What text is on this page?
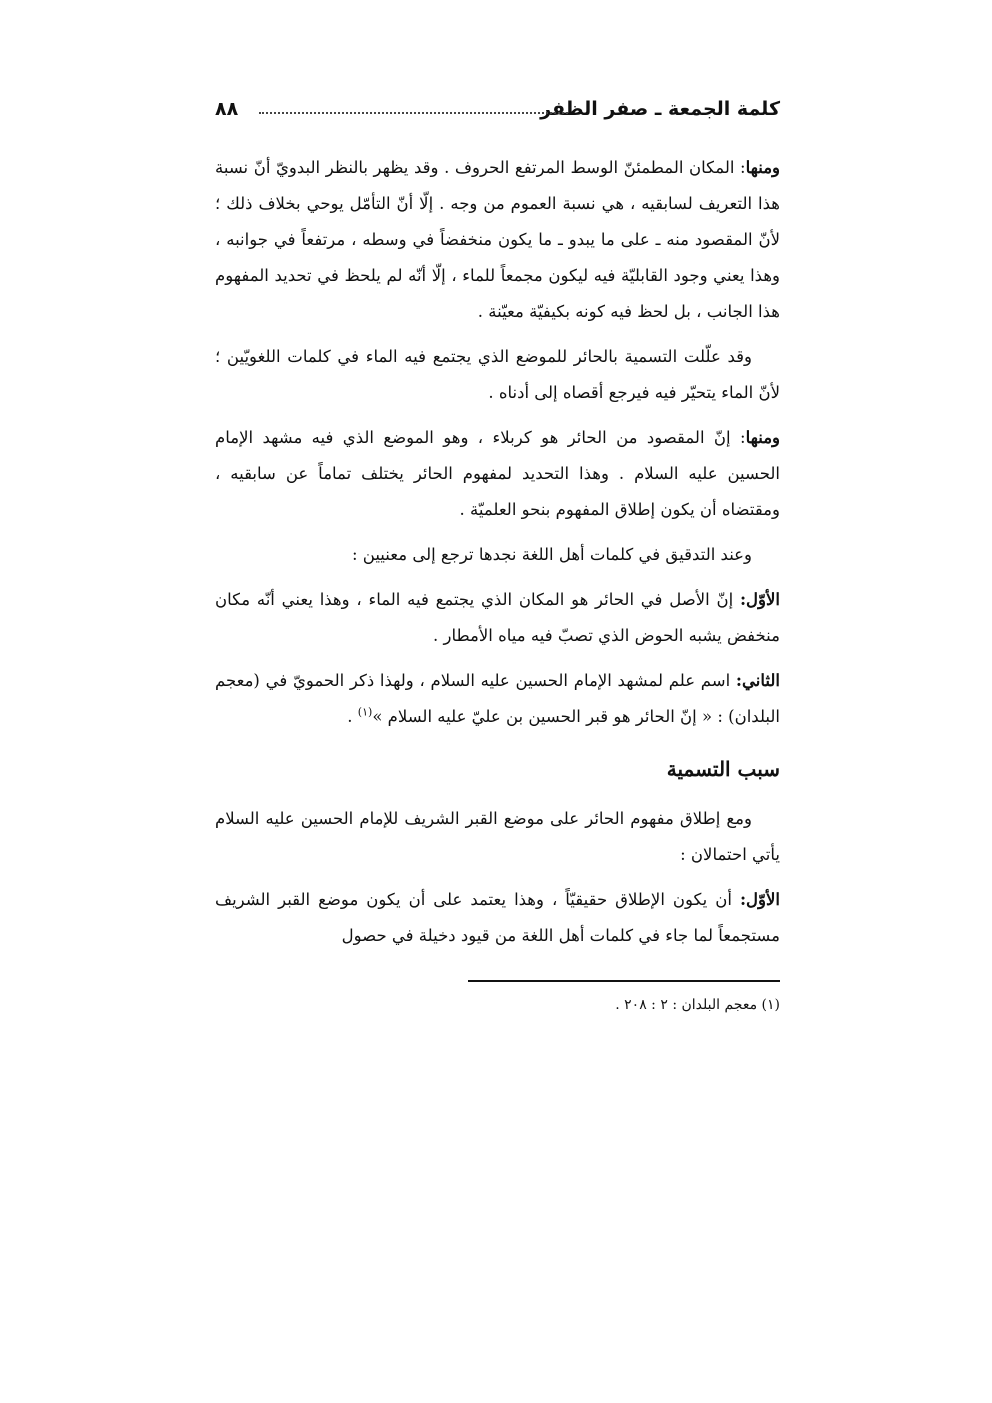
كلمة الجمعة ـ صفر الظفر
٨٨

ومنها: المكان المطمئنّ الوسط المرتفع الحروف . وقد يظهر بالنظر البدويّ أنّ نسبة هذا التعريف لسابقيه ، هي نسبة العموم من وجه . إلّا أنّ التأمّل يوحي بخلاف ذلك ؛ لأنّ المقصود منه ـ على ما يبدو ـ ما يكون منخفضاً في وسطه ، مرتفعاً في جوانبه ، وهذا يعني وجود القابليّة فيه ليكون مجمعاً للماء ، إلّا أنّه لم يلحظ في تحديد المفهوم هذا الجانب ، بل لحظ فيه كونه بكيفيّة معيّنة .

وقد علّلت التسمية بالحائر للموضع الذي يجتمع فيه الماء في كلمات اللغويّين ؛ لأنّ الماء يتحيّر فيه فيرجع أقصاه إلى أدناه .

ومنها: إنّ المقصود من الحائر هو كربلاء ، وهو الموضع الذي فيه مشهد الإمام الحسين عليه السلام . وهذا التحديد لمفهوم الحائر يختلف تماماً عن سابقيه ، ومقتضاه أن يكون إطلاق المفهوم بنحو العلميّة .

وعند التدقيق في كلمات أهل اللغة نجدها ترجع إلى معنيين :

الأوّل: إنّ الأصل في الحائر هو المكان الذي يجتمع فيه الماء ، وهذا يعني أنّه مكان منخفض يشبه الحوض الذي تصبّ فيه مياه الأمطار .

الثاني: اسم علم لمشهد الإمام الحسين عليه السلام ، ولهذا ذكر الحمويّ في (معجم البلدان) : « إنّ الحائر هو قبر الحسين بن عليّ عليه السلام »$^{(١)}$ .

سبب التسمية

ومع إطلاق مفهوم الحائر على موضع القبر الشريف للإمام الحسين عليه السلام يأتي احتمالان :

الأوّل: أن يكون الإطلاق حقيقيّاً ، وهذا يعتمد على أن يكون موضع القبر الشريف مستجمعاً لما جاء في كلمات أهل اللغة من قيود دخيلة في حصول

(١) معجم البلدان : ٢ : ٢٠٨ .
